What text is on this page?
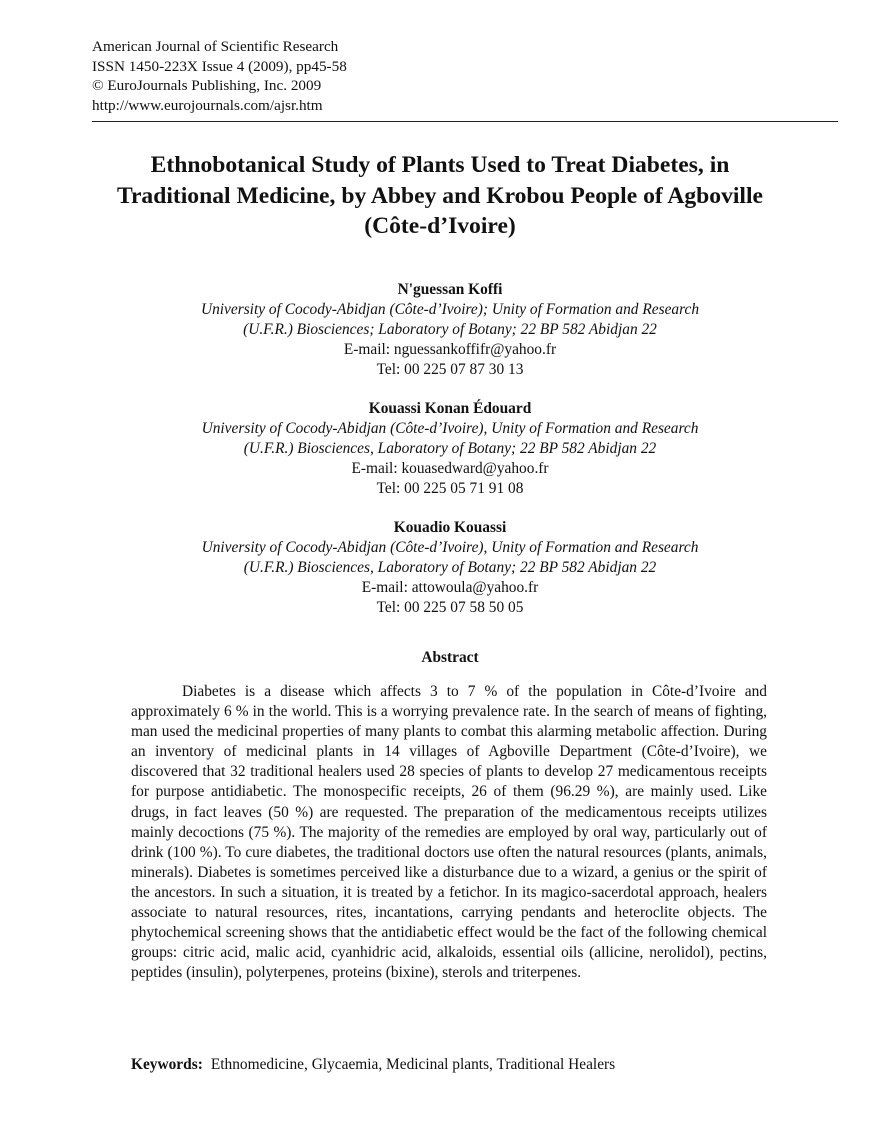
American Journal of Scientific Research
ISSN 1450-223X Issue 4 (2009), pp45-58
© EuroJournals Publishing, Inc. 2009
http://www.eurojournals.com/ajsr.htm
Ethnobotanical Study of Plants Used to Treat Diabetes, in
Traditional Medicine, by Abbey and Krobou People of Agboville
(Côte-d’Ivoire)
N'guessan Koffi
University of Cocody-Abidjan (Côte-d’Ivoire); Unity of Formation and Research
(U.F.R.) Biosciences; Laboratory of Botany; 22 BP 582 Abidjan 22
E-mail: nguessankoffifr@yahoo.fr
Tel: 00 225 07 87 30 13
Kouassi Konan Édouard
University of Cocody-Abidjan (Côte-d’Ivoire), Unity of Formation and Research
(U.F.R.) Biosciences, Laboratory of Botany; 22 BP 582 Abidjan 22
E-mail: kouasedward@yahoo.fr
Tel: 00 225 05 71 91 08
Kouadio Kouassi
University of Cocody-Abidjan (Côte-d’Ivoire), Unity of Formation and Research
(U.F.R.) Biosciences, Laboratory of Botany; 22 BP 582 Abidjan 22
E-mail: attowoula@yahoo.fr
Tel: 00 225 07 58 50 05
Abstract
Diabetes is a disease which affects 3 to 7 % of the population in Côte-d’Ivoire and approximately 6 % in the world. This is a worrying prevalence rate. In the search of means of fighting, man used the medicinal properties of many plants to combat this alarming metabolic affection. During an inventory of medicinal plants in 14 villages of Agboville Department (Côte-d’Ivoire), we discovered that 32 traditional healers used 28 species of plants to develop 27 medicamentous receipts for purpose antidiabetic. The monospecific receipts, 26 of them (96.29 %), are mainly used. Like drugs, in fact leaves (50 %) are requested. The preparation of the medicamentous receipts utilizes mainly decoctions (75 %). The majority of the remedies are employed by oral way, particularly out of drink (100 %). To cure diabetes, the traditional doctors use often the natural resources (plants, animals, minerals). Diabetes is sometimes perceived like a disturbance due to a wizard, a genius or the spirit of the ancestors. In such a situation, it is treated by a fetichor. In its magico-sacerdotal approach, healers associate to natural resources, rites, incantations, carrying pendants and heteroclite objects. The phytochemical screening shows that the antidiabetic effect would be the fact of the following chemical groups: citric acid, malic acid, cyanhidric acid, alkaloids, essential oils (allicine, nerolidol), pectins, peptides (insulin), polyterpenes, proteins (bixine), sterols and triterpenes.
Keywords: Ethnomedicine, Glycaemia, Medicinal plants, Traditional Healers
